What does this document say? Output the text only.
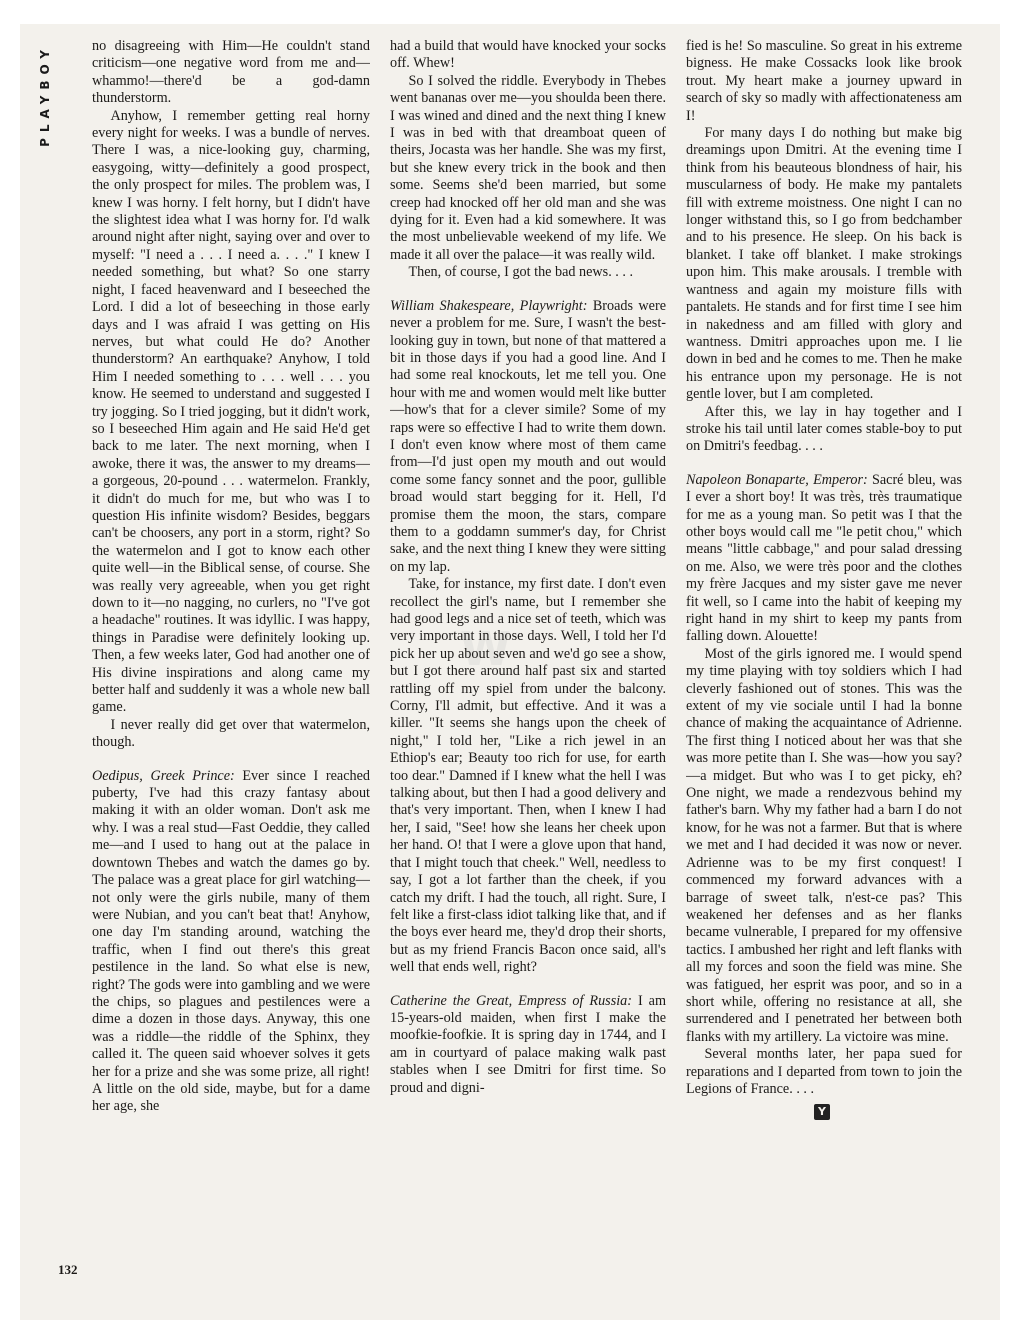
PLAYBOY
132
W

no disagreeing with Him—He couldn't stand criticism—one negative word from me and—whammo!—there'd be a god-damn thunderstorm.

Anyhow, I remember getting real horny every night for weeks. I was a bundle of nerves. There I was, a nice-looking guy, charming, easygoing, witty—definitely a good prospect, the only prospect for miles. The problem was, I knew I was horny. I felt horny, but I didn't have the slightest idea what I was horny for. I'd walk around night after night, saying over and over to myself: "I need a . . . I need a. . . ." I knew I needed something, but what? So one starry night, I faced heavenward and I beseeched the Lord. I did a lot of beseeching in those early days and I was afraid I was getting on His nerves, but what could He do? Another thunderstorm? An earthquake? Anyhow, I told Him I needed something to . . . well . . . you know. He seemed to understand and suggested I try jogging. So I tried jogging, but it didn't work, so I beseeched Him again and He said He'd get back to me later. The next morning, when I awoke, there it was, the answer to my dreams—a gorgeous, 20-pound . . . watermelon. Frankly, it didn't do much for me, but who was I to question His infinite wisdom? Besides, beggars can't be choosers, any port in a storm, right? So the watermelon and I got to know each other quite well—in the Biblical sense, of course. She was really very agreeable, when you get right down to it—no nagging, no curlers, no "I've got a headache" routines. It was idyllic. I was happy, things in Paradise were definitely looking up. Then, a few weeks later, God had another one of His divine inspirations and along came my better half and suddenly it was a whole new ball game.

I never really did get over that watermelon, though.

Oedipus, Greek Prince: Ever since I reached puberty, I've had this crazy fantasy about making it with an older woman. Don't ask me why. I was a real stud—Fast Oeddie, they called me—and I used to hang out at the palace in downtown Thebes and watch the dames go by. The palace was a great place for girl watching—not only were the girls nubile, many of them were Nubian, and you can't beat that! Anyhow, one day I'm standing around, watching the traffic, when I find out there's this great pestilence in the land. So what else is new, right? The gods were into gambling and we were the chips, so plagues and pestilences were a dime a dozen in those days. Anyway, this one was a riddle—the riddle of the Sphinx, they called it. The queen said whoever solves it gets her for a prize and she was some prize, all right! A little on the old side, maybe, but for a dame her age, she

had a build that would have knocked your socks off. Whew!

So I solved the riddle. Everybody in Thebes went bananas over me—you shoulda been there. I was wined and dined and the next thing I knew I was in bed with that dreamboat queen of theirs, Jocasta was her handle. She was my first, but she knew every trick in the book and then some. Seems she'd been married, but some creep had knocked off her old man and she was dying for it. Even had a kid somewhere. It was the most unbelievable weekend of my life. We made it all over the palace—it was really wild.

Then, of course, I got the bad news. . . .

William Shakespeare, Playwright: Broads were never a problem for me. Sure, I wasn't the best-looking guy in town, but none of that mattered a bit in those days if you had a good line. And I had some real knockouts, let me tell you. One hour with me and women would melt like butter—how's that for a clever simile? Some of my raps were so effective I had to write them down. I don't even know where most of them came from—I'd just open my mouth and out would come some fancy sonnet and the poor, gullible broad would start begging for it. Hell, I'd promise them the moon, the stars, compare them to a goddamn summer's day, for Christ sake, and the next thing I knew they were sitting on my lap.

Take, for instance, my first date. I don't even recollect the girl's name, but I remember she had good legs and a nice set of teeth, which was very important in those days. Well, I told her I'd pick her up about seven and we'd go see a show, but I got there around half past six and started rattling off my spiel from under the balcony. Corny, I'll admit, but effective. And it was a killer. "It seems she hangs upon the cheek of night," I told her, "Like a rich jewel in an Ethiop's ear; Beauty too rich for use, for earth too dear." Damned if I knew what the hell I was talking about, but then I had a good delivery and that's very important. Then, when I knew I had her, I said, "See! how she leans her cheek upon her hand. O! that I were a glove upon that hand, that I might touch that cheek." Well, needless to say, I got a lot farther than the cheek, if you catch my drift. I had the touch, all right. Sure, I felt like a first-class idiot talking like that, and if the boys ever heard me, they'd drop their shorts, but as my friend Francis Bacon once said, all's well that ends well, right?

Catherine the Great, Empress of Russia: I am 15-years-old maiden, when first I make the moofkie-foofkie. It is spring day in 1744, and I am in courtyard of palace making walk past stables when I see Dmitri for first time. So proud and digni-

fied is he! So masculine. So great in his extreme bigness. He make Cossacks look like brook trout. My heart make a journey upward in search of sky so madly with affectionateness am I!

For many days I do nothing but make big dreamings upon Dmitri. At the evening time I think from his beauteous blondness of hair, his muscularness of body. He make my pantalets fill with extreme moistness. One night I can no longer withstand this, so I go from bedchamber and to his presence. He sleep. On his back is blanket. I take off blanket. I make strokings upon him. This make arousals. I tremble with wantness and again my moisture fills with pantalets. He stands and for first time I see him in nakedness and am filled with glory and wantness. Dmitri approaches upon me. I lie down in bed and he comes to me. Then he make his entrance upon my personage. He is not gentle lover, but I am completed.

After this, we lay in hay together and I stroke his tail until later comes stable-boy to put on Dmitri's feedbag. . . .

Napoleon Bonaparte, Emperor: Sacré bleu, was I ever a short boy! It was très, très traumatique for me as a young man. So petit was I that the other boys would call me "le petit chou," which means "little cabbage," and pour salad dressing on me. Also, we were très poor and the clothes my frère Jacques and my sister gave me never fit well, so I came into the habit of keeping my right hand in my shirt to keep my pants from falling down. Alouette!

Most of the girls ignored me. I would spend my time playing with toy soldiers which I had cleverly fashioned out of stones. This was the extent of my vie sociale until I had la bonne chance of making the acquaintance of Adrienne. The first thing I noticed about her was that she was more petite than I. She was—how you say?—a midget. But who was I to get picky, eh? One night, we made a rendezvous behind my father's barn. Why my father had a barn I do not know, for he was not a farmer. But that is where we met and I had decided it was now or never. Adrienne was to be my first conquest! I commenced my forward advances with a barrage of sweet talk, n'est-ce pas? This weakened her defenses and as her flanks became vulnerable, I prepared for my offensive tactics. I ambushed her right and left flanks with all my forces and soon the field was mine. She was fatigued, her esprit was poor, and so in a short while, offering no resistance at all, she surrendered and I penetrated her between both flanks with my artillery. La victoire was mine.

Several months later, her papa sued for reparations and I departed from town to join the Legions of France. . . .

Y
